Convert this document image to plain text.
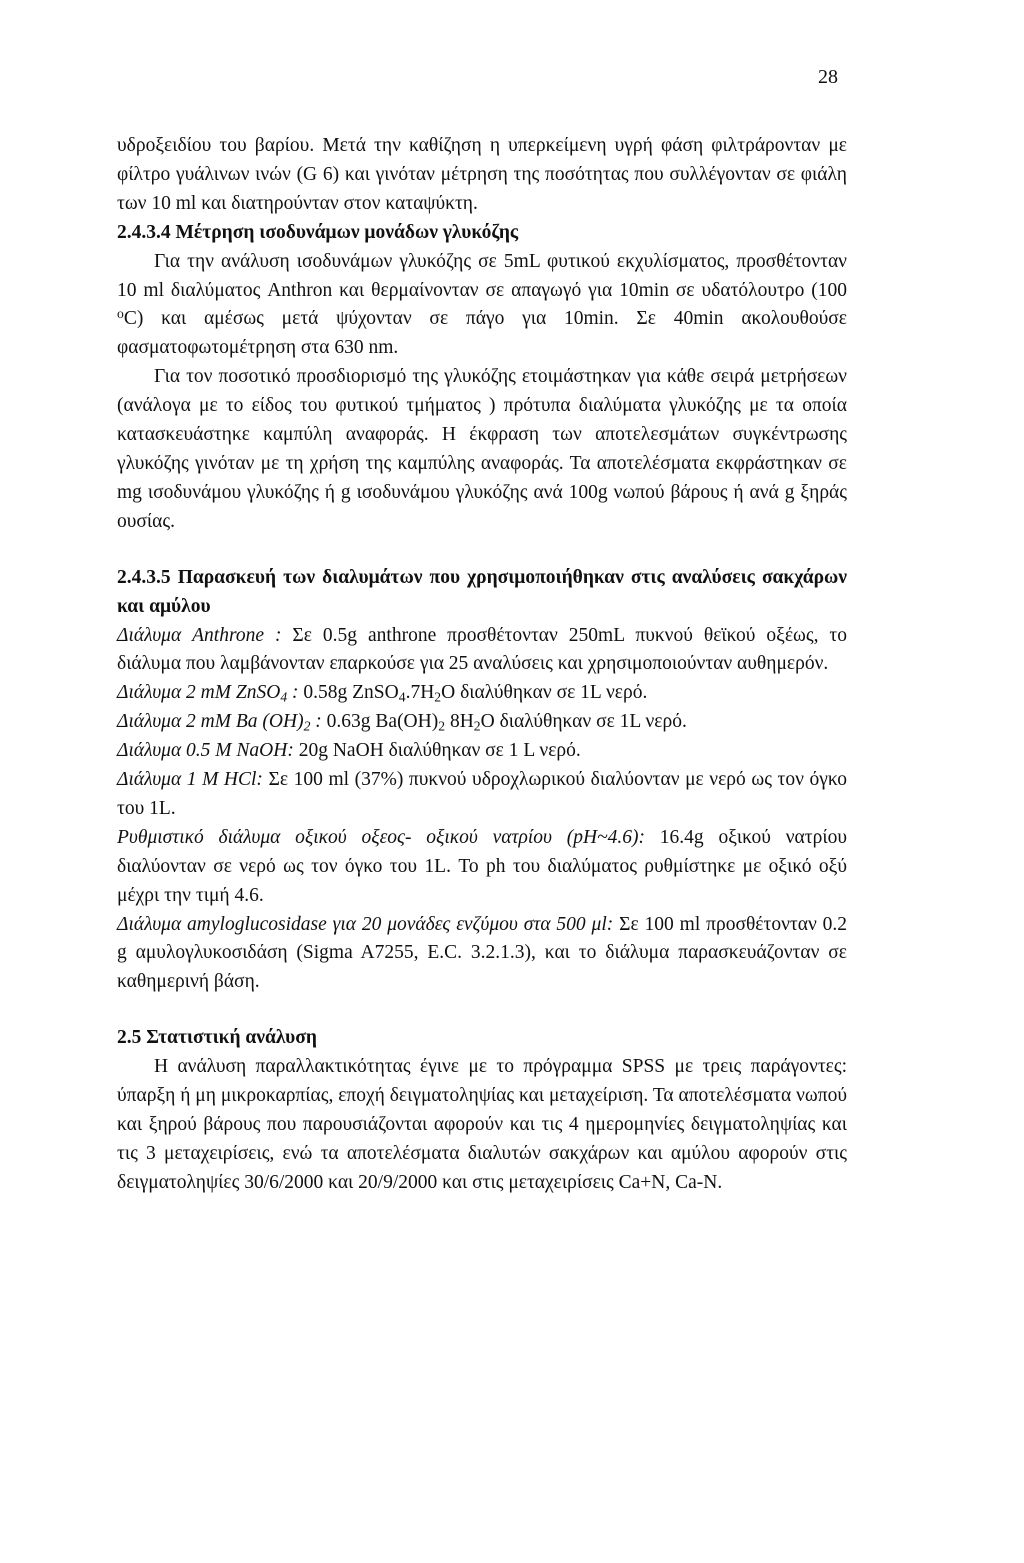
28

υδροξειδίου του βαρίου. Μετά την καθίζηση η υπερκείμενη υγρή φάση φιλτράρονταν με φίλτρο γυάλινων ινών (G 6) και γινόταν μέτρηση της ποσότητας που συλλέγονταν σε φιάλη των 10 ml και διατηρούνταν στον καταψύκτη.

2.4.3.4 Μέτρηση ισοδυνάμων μονάδων γλυκόζης

Για την ανάλυση ισοδυνάμων γλυκόζης σε 5mL φυτικού εκχυλίσματος, προσθέτονταν 10 ml διαλύματος Anthron και θερμαίνονταν σε απαγωγό για 10min σε υδατόλουτρο (100 $^o$C) και αμέσως μετά ψύχονταν σε πάγο για 10min. Σε 40min ακολουθούσε φασματοφωτομέτρηση στα 630 nm.

Για τον ποσοτικό προσδιορισμό της γλυκόζης ετοιμάστηκαν για κάθε σειρά μετρήσεων (ανάλογα με το είδος του φυτικού τμήματος ) πρότυπα διαλύματα γλυκόζης με τα οποία κατασκευάστηκε καμπύλη αναφοράς. Η έκφραση των αποτελεσμάτων συγκέντρωσης γλυκόζης γινόταν με τη χρήση της καμπύλης αναφοράς. Τα αποτελέσματα εκφράστηκαν σε mg ισοδυνάμου γλυκόζης ή g ισοδυνάμου γλυκόζης ανά 100g νωπού βάρους ή ανά g ξηράς ουσίας.

2.4.3.5 Παρασκευή των διαλυμάτων που χρησιμοποιήθηκαν στις αναλύσεις σακχάρων και αμύλου

Διάλυμα Anthrone : Σε 0.5g anthrone προσθέτονταν 250mL πυκνού θεϊκού οξέως, το διάλυμα που λαμβάνονταν επαρκούσε για 25 αναλύσεις και χρησιμοποιούνταν αυθημερόν.

Διάλυμα 2 mM ZnSO$_4$ : 0.58g $ZnSO_4.7H_2O$ διαλύθηκαν σε 1L νερό.

Διάλυμα 2 mM Ba $(OH)_2$ : 0.63g $Ba(OH)_2$ $8H_2O$ διαλύθηκαν σε 1L νερό.

Διάλυμα 0.5 M NaOH: 20g NaOH διαλύθηκαν σε 1 L νερό.

Διάλυμα 1 M HCl: Σε 100 ml (37%) πυκνού υδροχλωρικού διαλύονταν με νερό ως τον όγκο του 1L.

Ρυθμιστικό διάλυμα οξικού οξεος- οξικού νατρίου (pH~4.6): 16.4g οξικού νατρίου διαλύονταν σε νερό ως τον όγκο του 1L. Το ph του διαλύματος ρυθμίστηκε με οξικό οξύ μέχρι την τιμή 4.6.

Διάλυμα amyloglucosidase για 20 μονάδες ενζύμου στα 500 μl: Σε 100 ml προσθέτονταν 0.2 g αμυλογλυκοσιδάση (Sigma A7255, E.C. 3.2.1.3), και το διάλυμα παρασκευάζονταν σε καθημερινή βάση.

2.5 Στατιστική ανάλυση

Η ανάλυση παραλλακτικότητας έγινε με το πρόγραμμα SPSS με τρεις παράγοντες: ύπαρξη ή μη μικροκαρπίας, εποχή δειγματοληψίας και μεταχείριση. Τα αποτελέσματα νωπού και ξηρού βάρους που παρουσιάζονται αφορούν και τις 4 ημερομηνίες δειγματοληψίας και τις 3 μεταχειρίσεις, ενώ τα αποτελέσματα διαλυτών σακχάρων και αμύλου αφορούν στις δειγματοληψίες 30/6/2000 και 20/9/2000 και στις μεταχειρίσεις Ca+N, Ca-N.
